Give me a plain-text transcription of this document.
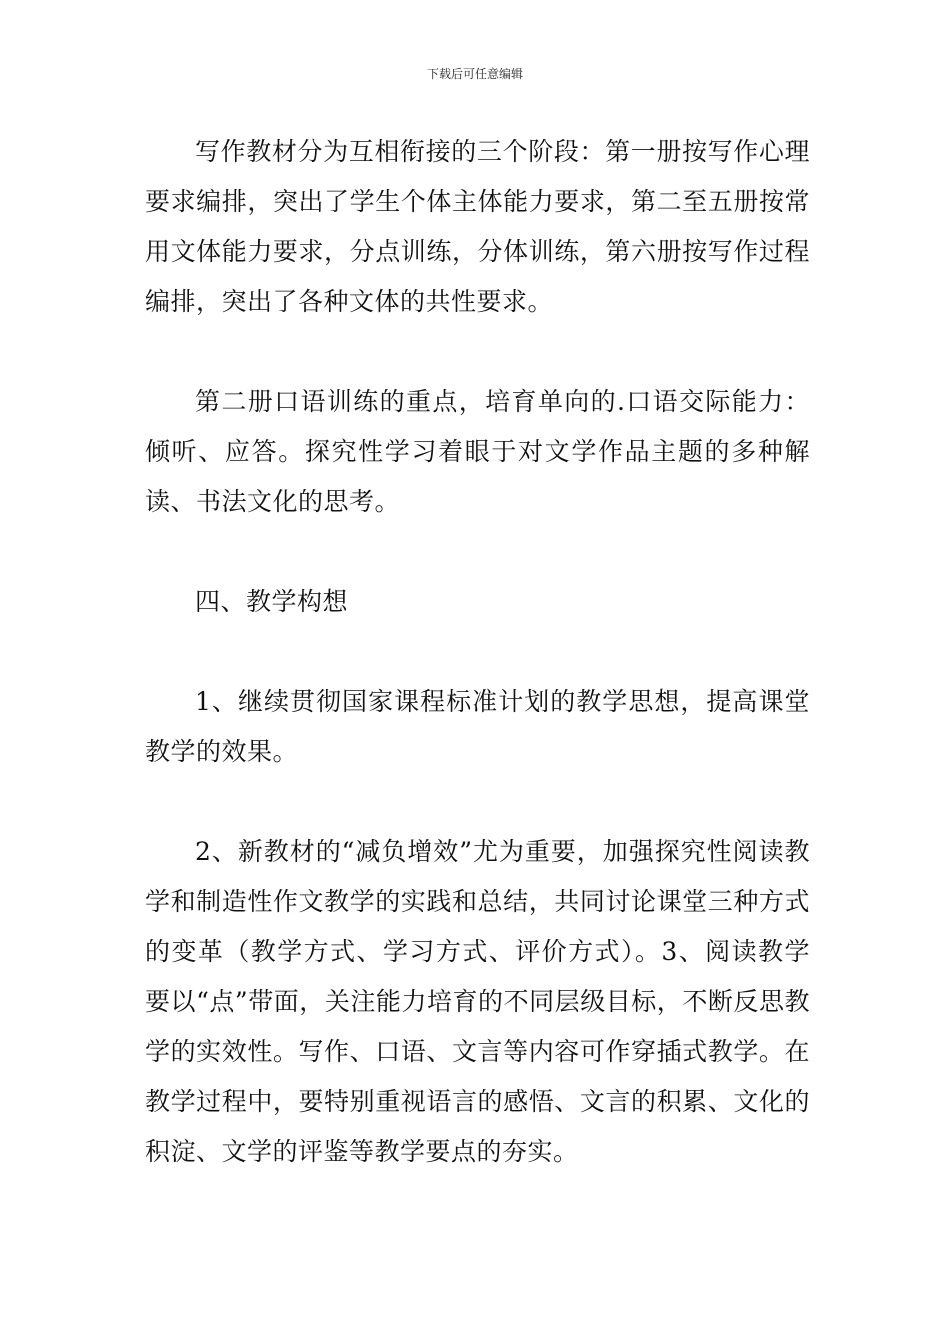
下载后可任意编辑

写作教材分为互相衔接的三个阶段：第一册按写作心理要求编排，突出了学生个体主体能力要求，第二至五册按常用文体能力要求，分点训练，分体训练，第六册按写作过程编排，突出了各种文体的共性要求。

第二册口语训练的重点，培育单向的.口语交际能力：倾听、应答。探究性学习着眼于对文学作品主题的多种解读、书法文化的思考。

四、教学构想

1、继续贯彻国家课程标准计划的教学思想，提高课堂教学的效果。

2、新教材的“减负增效”尤为重要，加强探究性阅读教学和制造性作文教学的实践和总结，共同讨论课堂三种方式的变革（教学方式、学习方式、评价方式）。3、阅读教学要以“点”带面，关注能力培育的不同层级目标，不断反思教学的实效性。写作、口语、文言等内容可作穿插式教学。在教学过程中，要特别重视语言的感悟、文言的积累、文化的积淀、文学的评鉴等教学要点的夯实。
